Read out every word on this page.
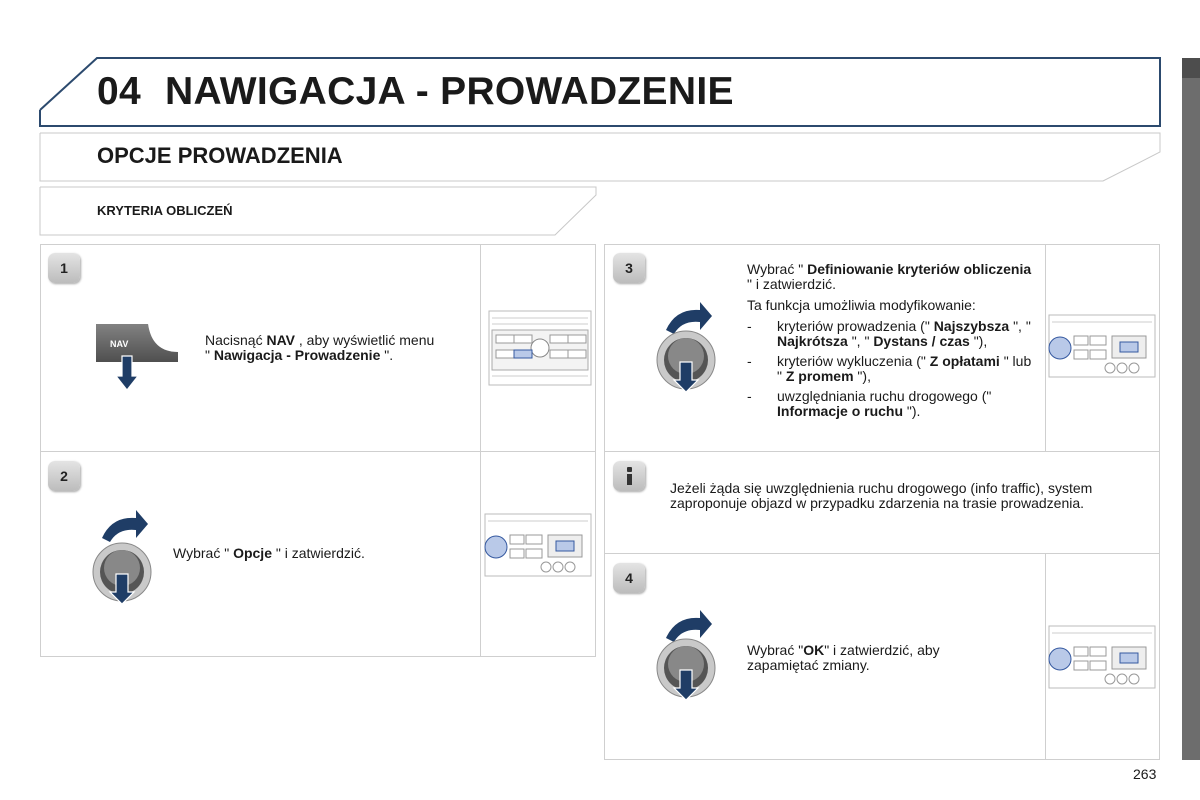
04 NAWIGACJA - PROWADZENIE
OPCJE PROWADZENIA
KRYTERIA OBLICZEŃ
1
NAV	Nacisnąć NAV , aby wyświetlić menu
" Nawigacja - Prowadzenie ".
2
Wybrać " Opcje " i zatwierdzić.
3	Wybrać " Definiowanie kryteriów obliczenia " i zatwierdzić.
Ta funkcja umożliwia modyfikowanie:
- kryteriów prowadzenia (" Najszybsza ", " Najkrótsza ", " Dystans / czas "),
- kryteriów wykluczenia (" Z opłatami " lub " Z promem "),
- uwzględniania ruchu drogowego (" Informacje o ruchu ").
Jeżeli żąda się uwzględnienia ruchu drogowego (info traffic), system zaproponuje objazd w przypadku zdarzenia na trasie prowadzenia.
4
Wybrać "OK" i zatwierdzić, aby zapamiętać zmiany.
263
